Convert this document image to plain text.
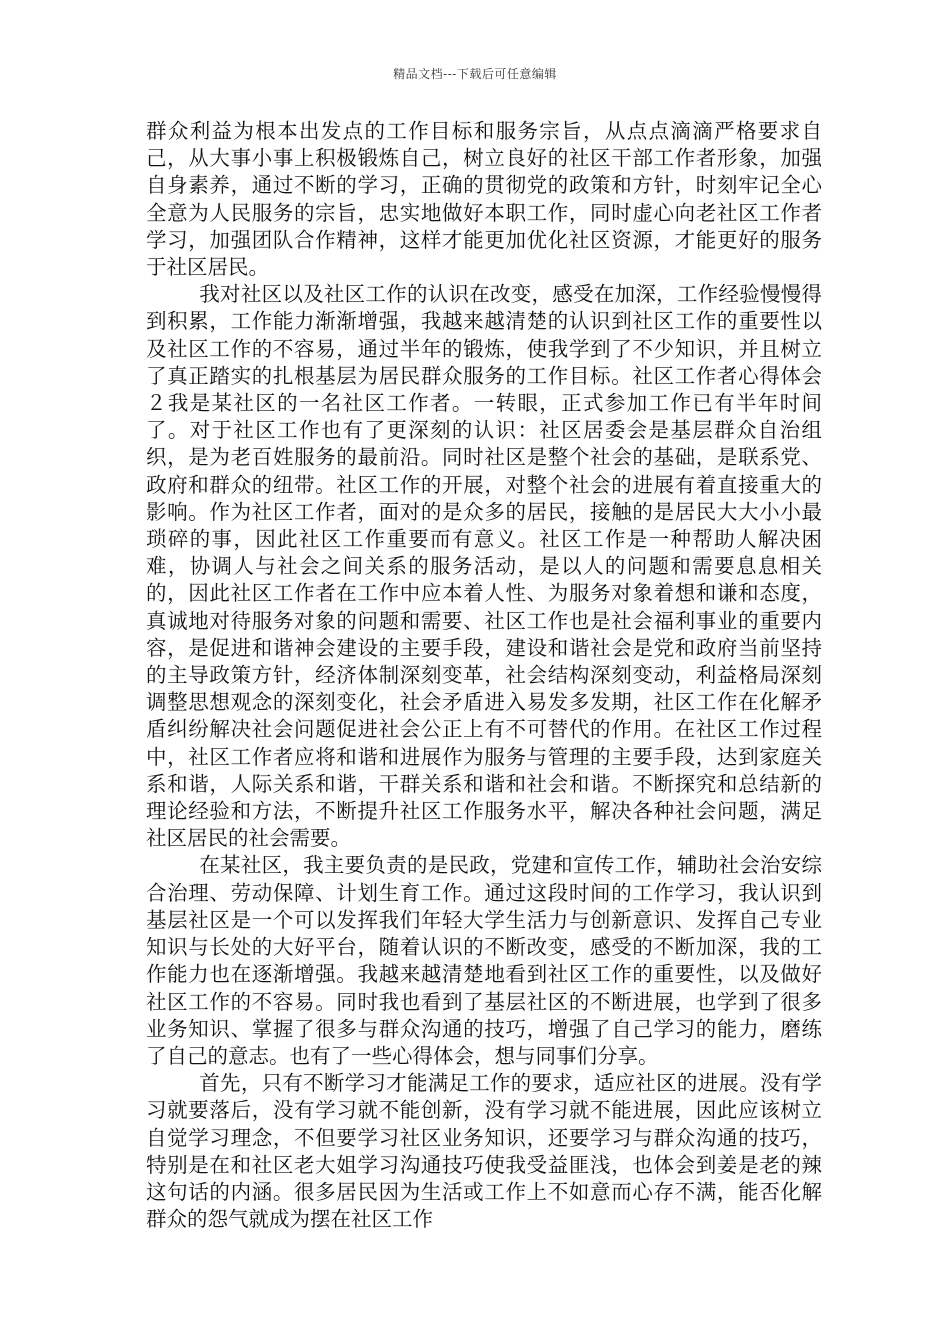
精品文档---下载后可任意编辑

群众利益为根本出发点的工作目标和服务宗旨，从点点滴滴严格要求自己，从大事小事上积极锻炼自己，树立良好的社区干部工作者形象，加强自身素养，通过不断的学习，正确的贯彻党的政策和方针，时刻牢记全心全意为人民服务的宗旨，忠实地做好本职工作，同时虚心向老社区工作者学习，加强团队合作精神，这样才能更加优化社区资源，才能更好的服务于社区居民。

我对社区以及社区工作的认识在改变，感受在加深，工作经验慢慢得到积累，工作能力渐渐增强，我越来越清楚的认识到社区工作的重要性以及社区工作的不容易，通过半年的锻炼，使我学到了不少知识，并且树立了真正踏实的扎根基层为居民群众服务的工作目标。社区工作者心得体会２我是某社区的一名社区工作者。一转眼，正式参加工作已有半年时间了。对于社区工作也有了更深刻的认识：社区居委会是基层群众自治组织，是为老百姓服务的最前沿。同时社区是整个社会的基础，是联系党、政府和群众的纽带。社区工作的开展，对整个社会的进展有着直接重大的影响。作为社区工作者，面对的是众多的居民，接触的是居民大大小小最琐碎的事，因此社区工作重要而有意义。社区工作是一种帮助人解决困难，协调人与社会之间关系的服务活动，是以人的问题和需要息息相关的，因此社区工作者在工作中应本着人性、为服务对象着想和谦和态度，真诚地对待服务对象的问题和需要、社区工作也是社会福利事业的重要内容，是促进和谐神会建设的主要手段，建设和谐社会是党和政府当前坚持的主导政策方针，经济体制深刻变革，社会结构深刻变动，利益格局深刻调整思想观念的深刻变化，社会矛盾进入易发多发期，社区工作在化解矛盾纠纷解决社会问题促进社会公正上有不可替代的作用。在社区工作过程中，社区工作者应将和谐和进展作为服务与管理的主要手段，达到家庭关系和谐，人际关系和谐，干群关系和谐和社会和谐。不断探究和总结新的理论经验和方法，不断提升社区工作服务水平，解决各种社会问题，满足社区居民的社会需要。

在某社区，我主要负责的是民政，党建和宣传工作，辅助社会治安综合治理、劳动保障、计划生育工作。通过这段时间的工作学习，我认识到基层社区是一个可以发挥我们年轻大学生活力与创新意识、发挥自己专业知识与长处的大好平台，随着认识的不断改变，感受的不断加深，我的工作能力也在逐渐增强。我越来越清楚地看到社区工作的重要性，以及做好社区工作的不容易。同时我也看到了基层社区的不断进展，也学到了很多业务知识、掌握了很多与群众沟通的技巧，增强了自己学习的能力，磨练了自己的意志。也有了一些心得体会，想与同事们分享。

首先，只有不断学习才能满足工作的要求，适应社区的进展。没有学习就要落后，没有学习就不能创新，没有学习就不能进展，因此应该树立自觉学习理念，不但要学习社区业务知识，还要学习与群众沟通的技巧，特别是在和社区老大姐学习沟通技巧使我受益匪浅，也体会到姜是老的辣这句话的内涵。很多居民因为生活或工作上不如意而心存不满，能否化解群众的怨气就成为摆在社区工作
